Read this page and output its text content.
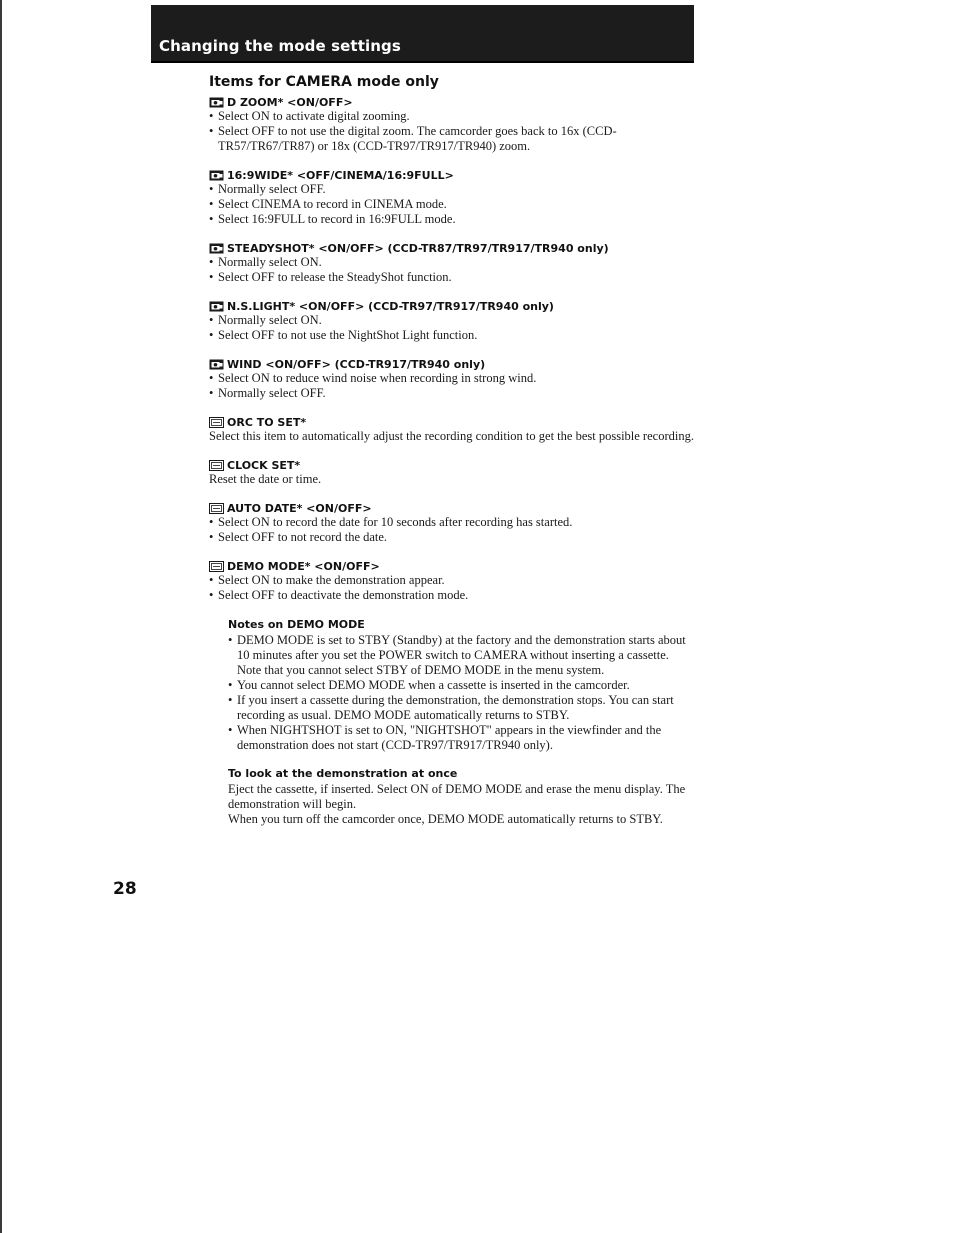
Changing the mode settings
Items for CAMERA mode only

D ZOOM* <ON/OFF>

• Select ON to activate digital zooming.
• Select OFF to not use the digital zoom. The camcorder goes back to 16x (CCD-TR57/TR67/TR87) or 18x (CCD-TR97/TR917/TR940) zoom.

16:9WIDE* <OFF/CINEMA/16:9FULL>

• Normally select OFF.
• Select CINEMA to record in CINEMA mode.
• Select 16:9FULL to record in 16:9FULL mode.

STEADYSHOT* <ON/OFF> (CCD-TR87/TR97/TR917/TR940 only)

• Normally select ON.
• Select OFF to release the SteadyShot function.

N.S.LIGHT* <ON/OFF> (CCD-TR97/TR917/TR940 only)

• Normally select ON.
• Select OFF to not use the NightShot Light function.

WIND <ON/OFF> (CCD-TR917/TR940 only)

• Select ON to reduce wind noise when recording in strong wind.
• Normally select OFF.

ORC TO SET*

Select this item to automatically adjust the recording condition to get the best possible recording.

CLOCK SET*

Reset the date or time.

AUTO DATE* <ON/OFF>

• Select ON to record the date for 10 seconds after recording has started.
• Select OFF to not record the date.

DEMO MODE* <ON/OFF>

• Select ON to make the demonstration appear.
• Select OFF to deactivate the demonstration mode.

Notes on DEMO MODE

• DEMO MODE is set to STBY (Standby) at the factory and the demonstration starts about 10 minutes after you set the POWER switch to CAMERA without inserting a cassette.

Note that you cannot select STBY of DEMO MODE in the menu system.

• You cannot select DEMO MODE when a cassette is inserted in the camcorder.
• If you insert a cassette during the demonstration, the demonstration stops. You can start recording as usual. DEMO MODE automatically returns to STBY.
• When NIGHTSHOT is set to ON, "NIGHTSHOT" appears in the viewfinder and the demonstration does not start (CCD-TR97/TR917/TR940 only).

To look at the demonstration at once

Eject the cassette, if inserted. Select ON of DEMO MODE and erase the menu display. The demonstration will begin.

When you turn off the camcorder once, DEMO MODE automatically returns to STBY.

28
